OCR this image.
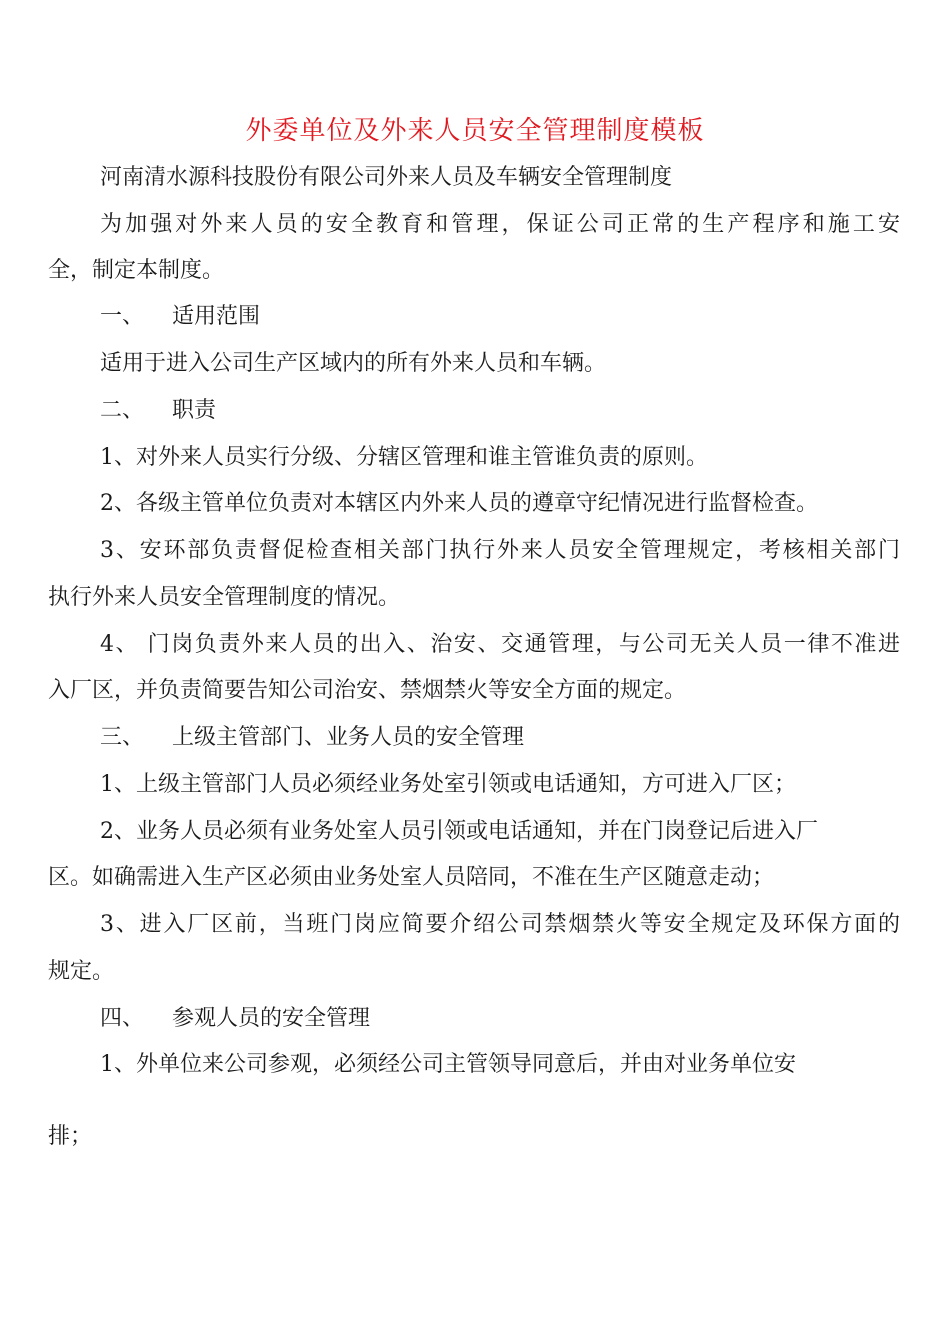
外委单位及外来人员安全管理制度模板
河南清水源科技股份有限公司外来人员及车辆安全管理制度
为加强对外来人员的安全教育和管理，保证公司正常的生产程序和施工安
全，制定本制度。
一、 适用范围
适用于进入公司生产区域内的所有外来人员和车辆。
二、 职责
1、对外来人员实行分级、分辖区管理和谁主管谁负责的原则。
2、各级主管单位负责对本辖区内外来人员的遵章守纪情况进行监督检查。
3、安环部负责督促检查相关部门执行外来人员安全管理规定，考核相关部门
执行外来人员安全管理制度的情况。
4、 门岗负责外来人员的出入、治安、交通管理，与公司无关人员一律不准进
入厂区，并负责简要告知公司治安、禁烟禁火等安全方面的规定。
三、 上级主管部门、业务人员的安全管理
1、上级主管部门人员必须经业务处室引领或电话通知，方可进入厂区；
2、业务人员必须有业务处室人员引领或电话通知，并在门岗登记后进入厂
区。如确需进入生产区必须由业务处室人员陪同，不准在生产区随意走动；
3、进入厂区前，当班门岗应简要介绍公司禁烟禁火等安全规定及环保方面的
规定。
四、 参观人员的安全管理
1、外单位来公司参观，必须经公司主管领导同意后，并由对业务单位安
排；
